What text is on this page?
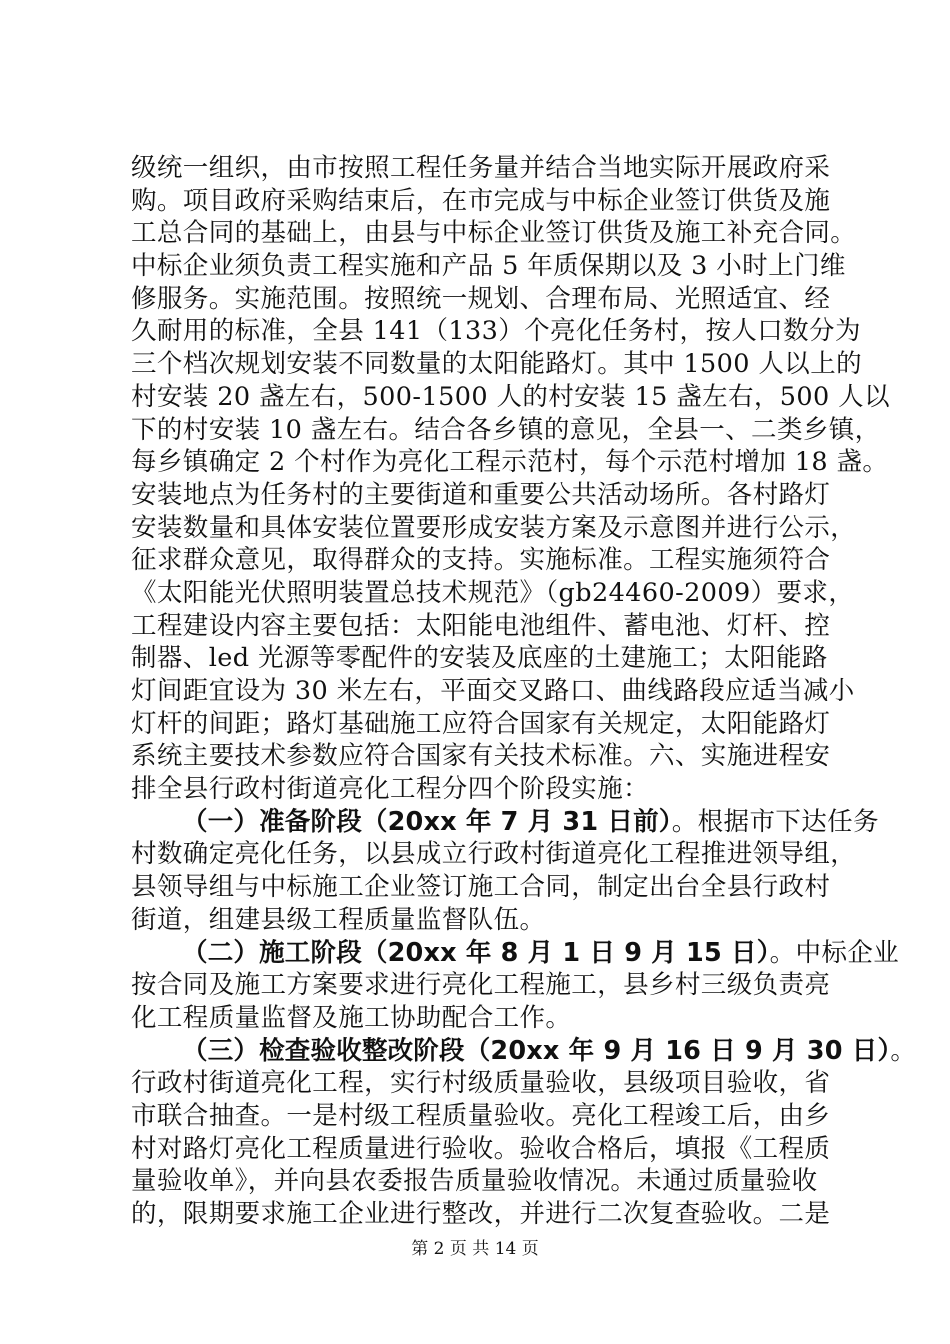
级统一组织，由市按照工程任务量并结合当地实际开展政府采
购。项目政府采购结束后，在市完成与中标企业签订供货及施
工总合同的基础上，由县与中标企业签订供货及施工补充合同。
中标企业须负责工程实施和产品 5 年质保期以及 3 小时上门维
修服务。实施范围。按照统一规划、合理布局、光照适宜、经
久耐用的标准，全县 141（133）个亮化任务村，按人口数分为
三个档次规划安装不同数量的太阳能路灯。其中 1500 人以上的
村安装 20 盏左右，500-1500 人的村安装 15 盏左右，500 人以
下的村安装 10 盏左右。结合各乡镇的意见，全县一、二类乡镇，
每乡镇确定 2 个村作为亮化工程示范村，每个示范村增加 18 盏。
安装地点为任务村的主要街道和重要公共活动场所。各村路灯
安装数量和具体安装位置要形成安装方案及示意图并进行公示，
征求群众意见，取得群众的支持。实施标准。工程实施须符合
《太阳能光伏照明装置总技术规范》（gb24460-2009）要求，
工程建设内容主要包括：太阳能电池组件、蓄电池、灯杆、控
制器、led 光源等零配件的安装及底座的土建施工；太阳能路
灯间距宜设为 30 米左右，平面交叉路口、曲线路段应适当减小
灯杆的间距；路灯基础施工应符合国家有关规定，太阳能路灯
系统主要技术参数应符合国家有关技术标准。六、实施进程安
排全县行政村街道亮化工程分四个阶段实施：
（一）准备阶段（20xx 年 7 月 31 日前）。根据市下达任务
村数确定亮化任务，以县成立行政村街道亮化工程推进领导组，
县领导组与中标施工企业签订施工合同，制定出台全县行政村
街道，组建县级工程质量监督队伍。
（二）施工阶段（20xx 年 8 月 1 日 9 月 15 日）。中标企业
按合同及施工方案要求进行亮化工程施工，县乡村三级负责亮
化工程质量监督及施工协助配合工作。
（三）检查验收整改阶段（20xx 年 9 月 16 日 9 月 30 日）。
行政村街道亮化工程，实行村级质量验收，县级项目验收，省
市联合抽查。一是村级工程质量验收。亮化工程竣工后，由乡
村对路灯亮化工程质量进行验收。验收合格后，填报《工程质
量验收单》，并向县农委报告质量验收情况。未通过质量验收
的，限期要求施工企业进行整改，并进行二次复查验收。二是
第 2 页 共 14 页
